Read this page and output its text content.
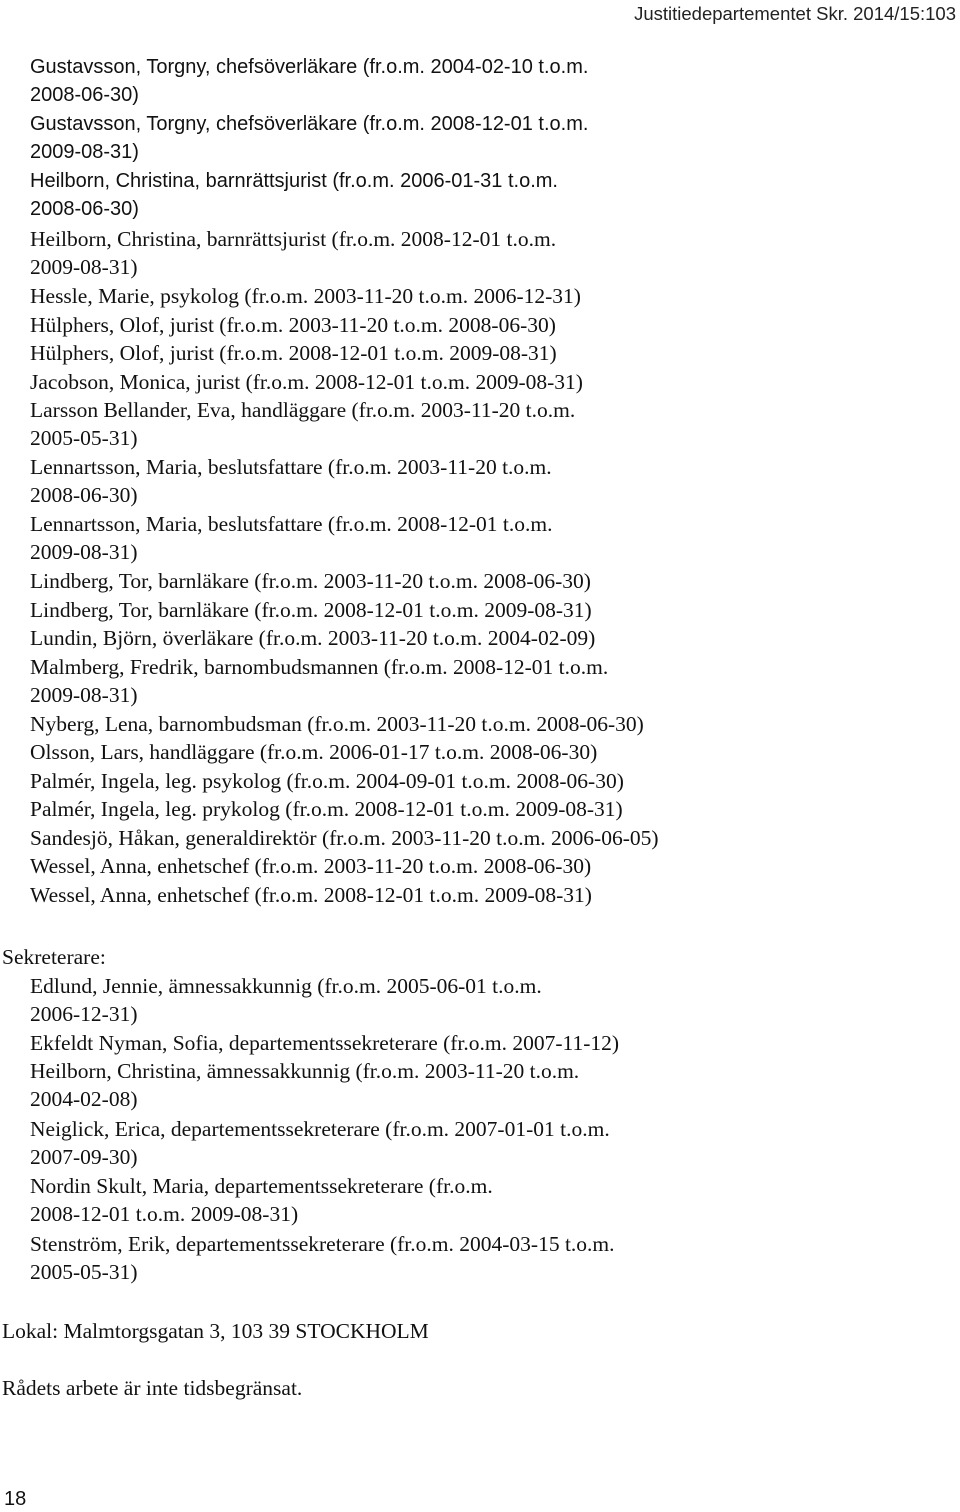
Justitiedepartementet Skr. 2014/15:103
Gustavsson, Torgny, chefsöverläkare (fr.o.m. 2004-02-10 t.o.m.
2008-06-30)
Gustavsson, Torgny, chefsöverläkare (fr.o.m. 2008-12-01 t.o.m.
2009-08-31)
Heilborn, Christina, barnrättsjurist (fr.o.m. 2006-01-31 t.o.m.
2008-06-30)
Heilborn, Christina, barnrättsjurist (fr.o.m. 2008-12-01 t.o.m.
2009-08-31)
Hessle, Marie, psykolog (fr.o.m. 2003-11-20 t.o.m. 2006-12-31)
Hülphers, Olof, jurist (fr.o.m. 2003-11-20 t.o.m. 2008-06-30)
Hülphers, Olof, jurist (fr.o.m. 2008-12-01 t.o.m. 2009-08-31)
Jacobson, Monica, jurist (fr.o.m. 2008-12-01 t.o.m. 2009-08-31)
Larsson Bellander, Eva, handläggare (fr.o.m. 2003-11-20 t.o.m.
2005-05-31)
Lennartsson, Maria, beslutsfattare (fr.o.m. 2003-11-20 t.o.m.
2008-06-30)
Lennartsson, Maria, beslutsfattare (fr.o.m. 2008-12-01 t.o.m.
2009-08-31)
Lindberg, Tor, barnläkare (fr.o.m. 2003-11-20 t.o.m. 2008-06-30)
Lindberg, Tor, barnläkare (fr.o.m. 2008-12-01 t.o.m. 2009-08-31)
Lundin, Björn, överläkare (fr.o.m. 2003-11-20 t.o.m. 2004-02-09)
Malmberg, Fredrik, barnombudsmannen (fr.o.m. 2008-12-01 t.o.m.
2009-08-31)
Nyberg, Lena, barnombudsman (fr.o.m. 2003-11-20 t.o.m. 2008-06-30)
Olsson, Lars, handläggare (fr.o.m. 2006-01-17 t.o.m. 2008-06-30)
Palmér, Ingela, leg. psykolog (fr.o.m. 2004-09-01 t.o.m. 2008-06-30)
Palmér, Ingela, leg. prykolog (fr.o.m. 2008-12-01 t.o.m. 2009-08-31)
Sandesjö, Håkan, generaldirektör (fr.o.m. 2003-11-20 t.o.m. 2006-06-05)
Wessel, Anna, enhetschef (fr.o.m. 2003-11-20 t.o.m. 2008-06-30)
Wessel, Anna, enhetschef (fr.o.m. 2008-12-01 t.o.m. 2009-08-31)
Sekreterare:
Edlund, Jennie, ämnessakkunnig (fr.o.m. 2005-06-01 t.o.m.
2006-12-31)
Ekfeldt Nyman, Sofia, departementssekreterare (fr.o.m. 2007-11-12)
Heilborn, Christina, ämnessakkunnig (fr.o.m. 2003-11-20 t.o.m.
2004-02-08)
Neiglick, Erica, departementssekreterare (fr.o.m. 2007-01-01 t.o.m.
2007-09-30)
Nordin Skult, Maria, departementssekreterare (fr.o.m.
2008-12-01 t.o.m. 2009-08-31)
Stenström, Erik, departementssekreterare (fr.o.m. 2004-03-15 t.o.m.
2005-05-31)
Lokal: Malmtorgsgatan 3, 103 39 STOCKHOLM
Rådets arbete är inte tidsbegränsat.
18
